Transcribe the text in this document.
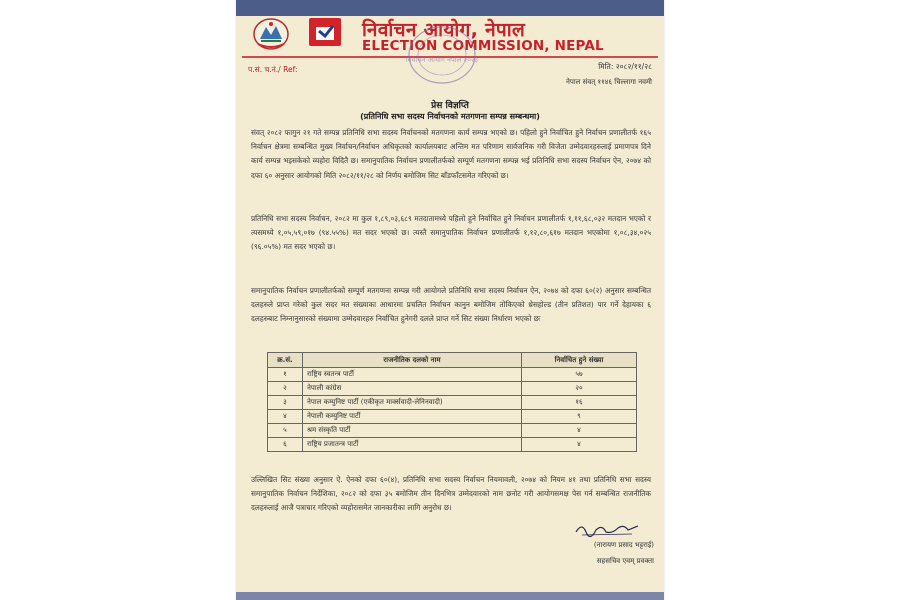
निर्वाचन आयोग, नेपाल
ELECTION COMMISSION, NEPAL
निर्वाचन आयोग नेपाल २०२३
प.सं. च.नं./ Ref:	मिति: २०८२/११/२८
नेपाल संवत् ११४६ चिल्लागा नवमी
प्रेस विज्ञप्ति
(प्रतिनिधि सभा सदस्य निर्वाचनको मतगणना सम्पन्न सम्बन्धमा)
संवत् २०८२ फागुन २१ गते सम्पन्न प्रतिनिधि सभा सदस्य निर्वाचनको मतगणना कार्य सम्पन्न भएको छ। पहिलो हुने निर्वाचित हुने निर्वाचन प्रणालीतर्फ १६५ निर्वाचन क्षेत्रमा सम्बन्धित मुख्य निर्वाचन/निर्वाचन अधिकृतको कार्यालयबाट अन्तिम मत परिणाम सार्वजनिक गरी विजेता उम्मेदवारहरुलाई प्रमाणपत्र दिने कार्य सम्पन्न भइसकेको व्यहोरा विदितै छ। समानुपातिक निर्वाचन प्रणालीतर्फको सम्पूर्ण मतगणना सम्पन्न भई प्रतिनिधि सभा सदस्य निर्वाचन ऐन, २०७४ को दफा ६० अनुसार आयोगको मिति २०८२/११/२८ को निर्णय बमोजिम सिट बाँडफाँटसमेत गरिएको छ।
प्रतिनिधि सभा सदस्य निर्वाचन, २०८२ मा कुल १,८९,०३,६८९ मतदातामध्ये पहिलो हुने निर्वाचित हुने निर्वाचन प्रणालीतर्फ १,११,६८,०३२ मतदान भएको र त्यसमध्ये १,०५,५९,०१७ (९४.५५%) मत सदर भएको छ। त्यस्तै समानुपातिक निर्वाचन प्रणालीतर्फ १,१२,८०,६१७ मतदान भएकोमा १,०८,३४,०२५ (९६.०५%) मत सदर भएको छ।
समानुपातिक निर्वाचन प्रणालीतर्फको सम्पूर्ण मतगणना सम्पन्न गरी आयोगले प्रतिनिधि सभा सदस्य निर्वाचन ऐन, २०७४ को दफा ६०(२) अनुसार सम्बन्धित दलहरुले प्राप्त गरेको कुल सदर मत संख्याका आधारमा प्रचलित निर्वाचन कानुन बमोजिम तोकिएको थ्रेसहोल्ड (तीन प्रतिशत) पार गर्ने देहायका ६ दलहरुबाट निम्नानुसारको संख्यामा उम्मेदवारहरु निर्वाचित हुनेगरी दलले प्राप्त गर्ने सिट संख्या निर्धारण भएको छः
क्र.सं.	राजनीतिक दलको नाम	निर्वाचित हुने संख्या
१	राष्ट्रिय स्वतन्त्र पार्टी	५७
२	नेपाली कांग्रेस	२०
३	नेपाल कम्युनिष्ट पार्टी (एकीकृत मार्क्सवादी-लेनिनवादी)	१६
४	नेपाली कम्युनिष्ट पार्टी	९
५	श्रम संस्कृति पार्टी	४
६	राष्ट्रिय प्रजातन्त्र पार्टी	४
उल्लिखित सिट संख्या अनुसार ऐ. ऐनको दफा ६०(४), प्रतिनिधि सभा सदस्य निर्वाचन नियमावली, २०७४ को नियम ४१ तथा प्रतिनिधि सभा सदस्य समानुपातिक निर्वाचन निर्देशिका, २०८२ को दफा ३५ बमोजिम तीन दिनभित्र उम्मेदवारको नाम छनोट गरी आयोगसमक्ष पेस गर्न सम्बन्धित राजनीतिक दलहरुलाई आजै पत्राचार गरिएको व्यहोरासमेत जानकारीका लागि अनुरोध छ।
(नारायण प्रसाद भट्टराई)
सहसचिव एवम् प्रवक्ता
